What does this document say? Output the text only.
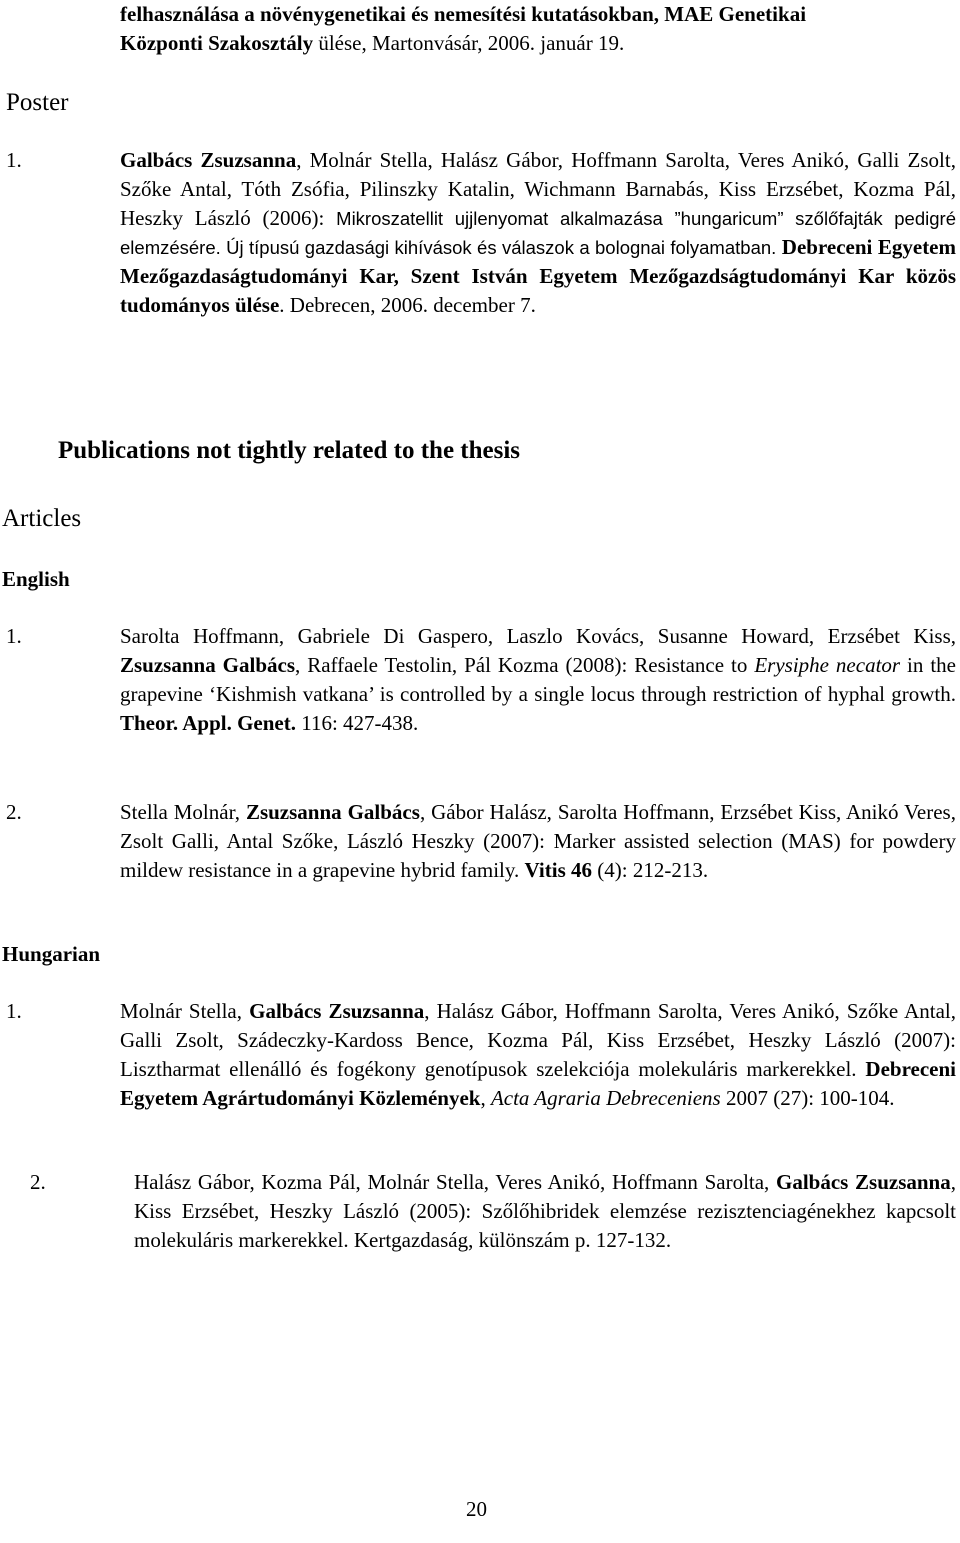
felhasználása a növénygenetikai és nemesítési kutatásokban, MAE Genetikai
Központi Szakosztály ülése, Martonvásár, 2006. január 19.
Poster
1.	Galbács Zsuzsanna, Molnár Stella, Halász Gábor, Hoffmann Sarolta, Veres Anikó, Galli Zsolt, Szőke Antal, Tóth Zsófia, Pilinszky Katalin, Wichmann Barnabás, Kiss Erzsébet, Kozma Pál, Heszky László (2006): Mikroszatellit ujjlenyomat alkalmazása ”hungaricum” szőlőfajták pedigré elemzésére. Új típusú gazdasági kihívások és válaszok a bolognai folyamatban. Debreceni Egyetem Mezőgazdaságtudományi Kar, Szent István Egyetem Mezőgazdságtudományi Kar közös tudományos ülése. Debrecen, 2006. december 7.
Publications not tightly related to the thesis
Articles
English
1.	Sarolta Hoffmann, Gabriele Di Gaspero, Laszlo Kovács, Susanne Howard, Erzsébet Kiss, Zsuzsanna Galbács, Raffaele Testolin, Pál Kozma (2008): Resistance to Erysiphe necator in the grapevine ‘Kishmish vatkana’ is controlled by a single locus through restriction of hyphal growth. Theor. Appl. Genet. 116: 427-438.
2.	Stella Molnár, Zsuzsanna Galbács, Gábor Halász, Sarolta Hoffmann, Erzsébet Kiss, Anikó Veres, Zsolt Galli, Antal Szőke, László Heszky (2007): Marker assisted selection (MAS) for powdery mildew resistance in a grapevine hybrid family. Vitis 46 (4): 212-213.
Hungarian
1.	Molnár Stella, Galbács Zsuzsanna, Halász Gábor, Hoffmann Sarolta, Veres Anikó, Szőke Antal, Galli Zsolt, Szádeczky-Kardoss Bence, Kozma Pál, Kiss Erzsébet, Heszky László (2007): Lisztharmat ellenálló és fogékony genotípusok szelekciója molekuláris markerekkel. Debreceni Egyetem Agrártudományi Közlemények, Acta Agraria Debreceniens 2007 (27): 100-104.
2.	Halász Gábor, Kozma Pál, Molnár Stella, Veres Anikó, Hoffmann Sarolta, Galbács Zsuzsanna, Kiss Erzsébet, Heszky László (2005): Szőlőhibridek elemzése rezisztenciagénekhez kapcsolt molekuláris markerekkel. Kertgazdaság, különszám p. 127-132.
20
